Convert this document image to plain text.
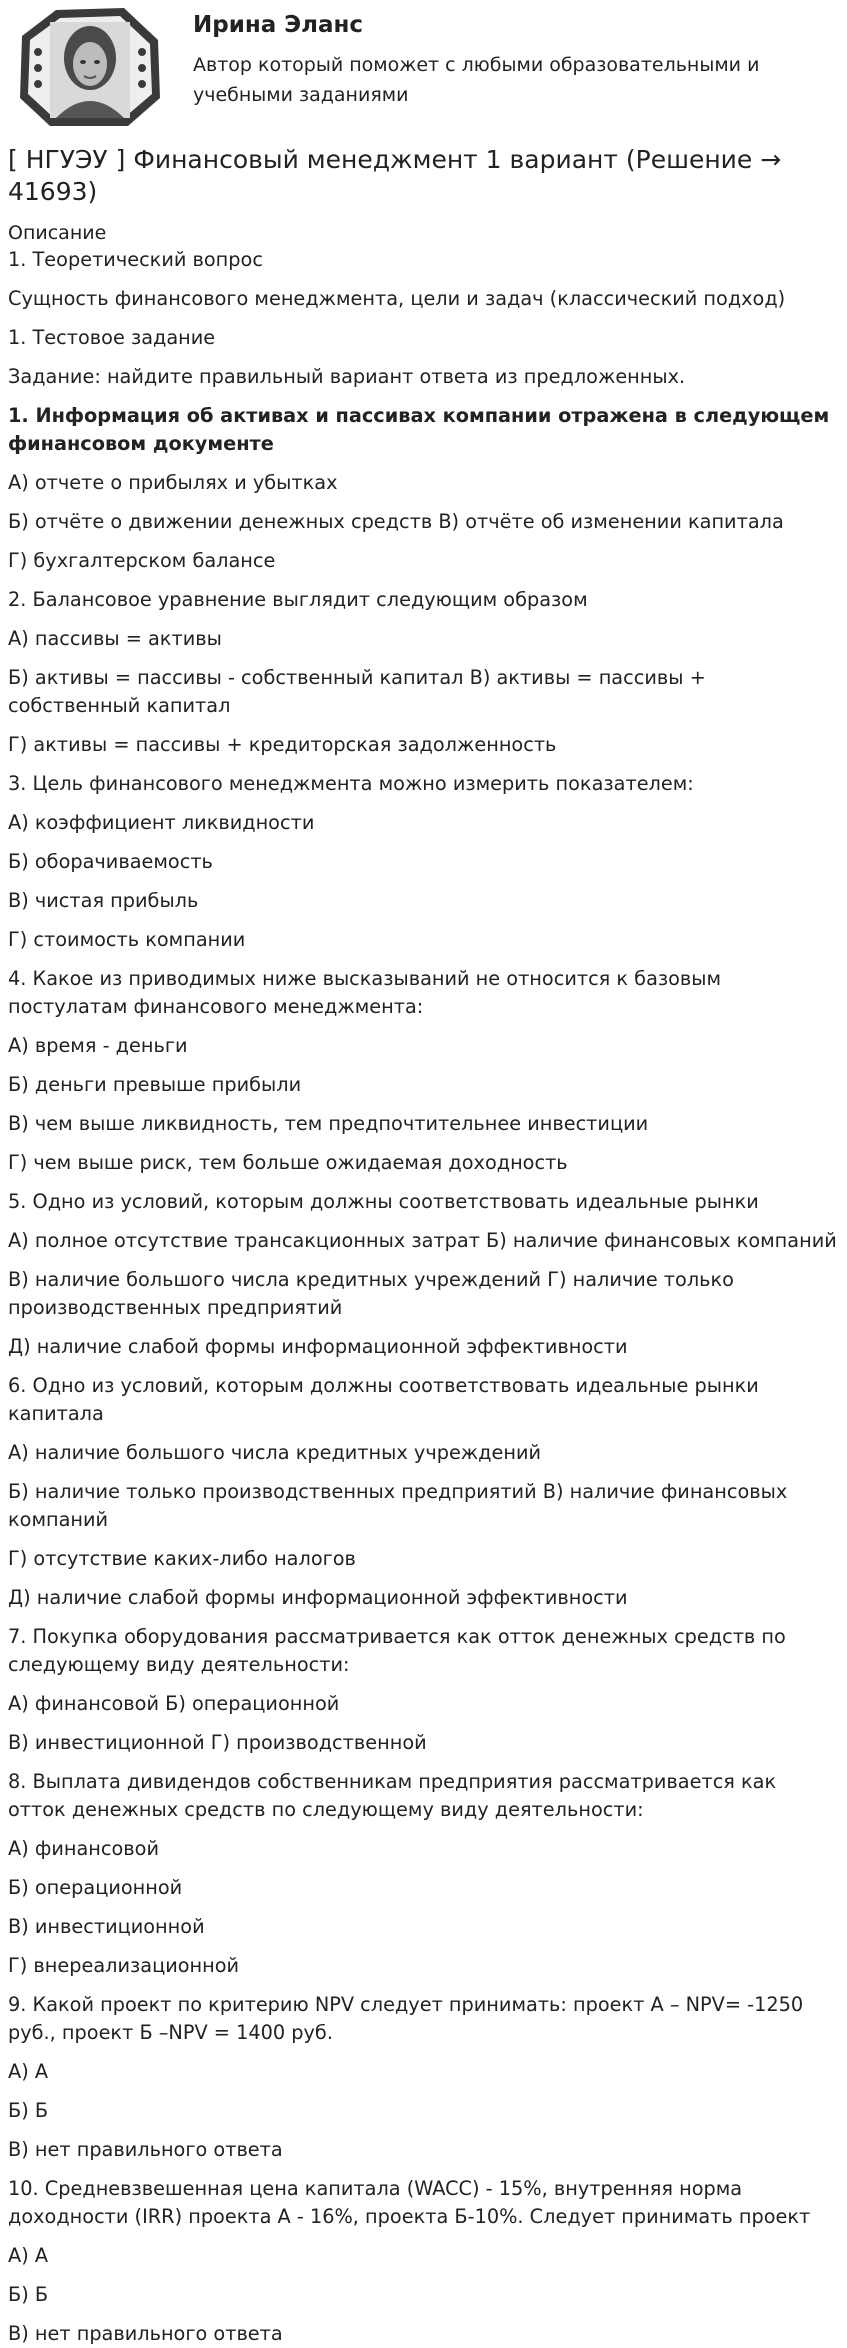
Ирина Эланс
Автор который поможет с любыми образовательными и учебными заданиями
[ НГУЭУ ] Финансовый менеджмент 1 вариант (Решение → 41693)
Описание

1. Теоретический вопрос

Сущность финансового менеджмента, цели и задач (классический подход)

1. Тестовое задание

Задание: найдите правильный вариант ответа из предложенных.

1. Информация об активах и пассивах компании отражена в следующем финансовом документе

А) отчете о прибылях и убытках

Б) отчёте о движении денежных средств В) отчёте об изменении капитала

Г) бухгалтерском балансе

2. Балансовое уравнение выглядит следующим образом

А) пассивы = активы

Б) активы = пассивы - собственный капитал В) активы = пассивы + собственный капитал

Г) активы = пассивы + кредиторская задолженность

3. Цель финансового менеджмента можно измерить показателем:

А) коэффициент ликвидности

Б) оборачиваемость

В) чистая прибыль

Г) стоимость компании

4. Какое из приводимых ниже высказываний не относится к базовым постулатам финансового менеджмента:

А) время - деньги

Б) деньги превыше прибыли

В) чем выше ликвидность, тем предпочтительнее инвестиции

Г) чем выше риск, тем больше ожидаемая доходность

5. Одно из условий, которым должны соответствовать идеальные рынки

А) полное отсутствие трансакционных затрат Б) наличие финансовых компаний

В) наличие большого числа кредитных учреждений Г) наличие только производственных предприятий

Д) наличие слабой формы информационной эффективности

6. Одно из условий, которым должны соответствовать идеальные рынки капитала

А) наличие большого числа кредитных учреждений

Б) наличие только производственных предприятий В) наличие финансовых компаний

Г) отсутствие каких-либо налогов

Д) наличие слабой формы информационной эффективности

7. Покупка оборудования рассматривается как отток денежных средств по следующему виду деятельности:

А) финансовой Б) операционной

В) инвестиционной Г) производственной

8. Выплата дивидендов собственникам предприятия рассматривается как отток денежных средств по следующему виду деятельности:

А) финансовой

Б) операционной

В) инвестиционной

Г) внереализационной

9. Какой проект по критерию NPV следует принимать: проект А – NPV= -1250 руб., проект Б –NPV = 1400 руб.

А) А

Б) Б

В) нет правильного ответа

10. Средневзвешенная цена капитала (WACC) - 15%, внутренняя норма доходности (IRR) проекта А - 16%, проекта Б-10%. Следует принимать проект

А) А

Б) Б

В) нет правильного ответа
